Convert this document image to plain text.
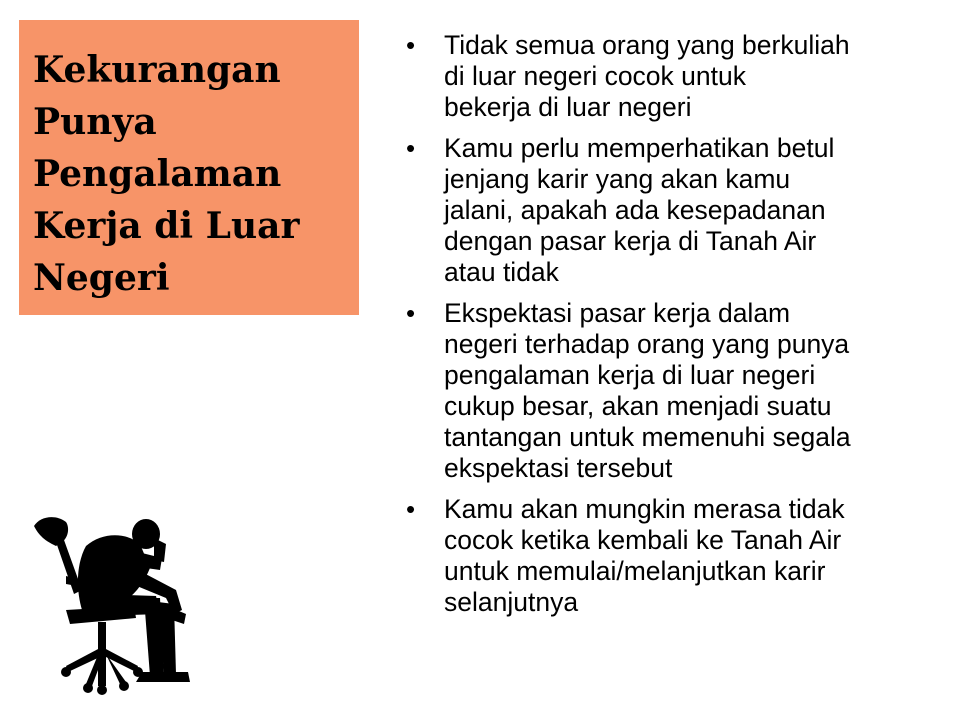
Kekurangan
Punya
Pengalaman
Kerja di Luar
Negeri
• Tidak semua orang yang berkuliah
di luar negeri cocok untuk
bekerja di luar negeri
• Kamu perlu memperhatikan betul
jenjang karir yang akan kamu
jalani, apakah ada kesepadanan
dengan pasar kerja di Tanah Air
atau tidak
• Ekspektasi pasar kerja dalam
negeri terhadap orang yang punya
pengalaman kerja di luar negeri
cukup besar, akan menjadi suatu
tantangan untuk memenuhi segala
ekspektasi tersebut
• Kamu akan mungkin merasa tidak
cocok ketika kembali ke Tanah Air
untuk memulai/melanjutkan karir
selanjutnya
